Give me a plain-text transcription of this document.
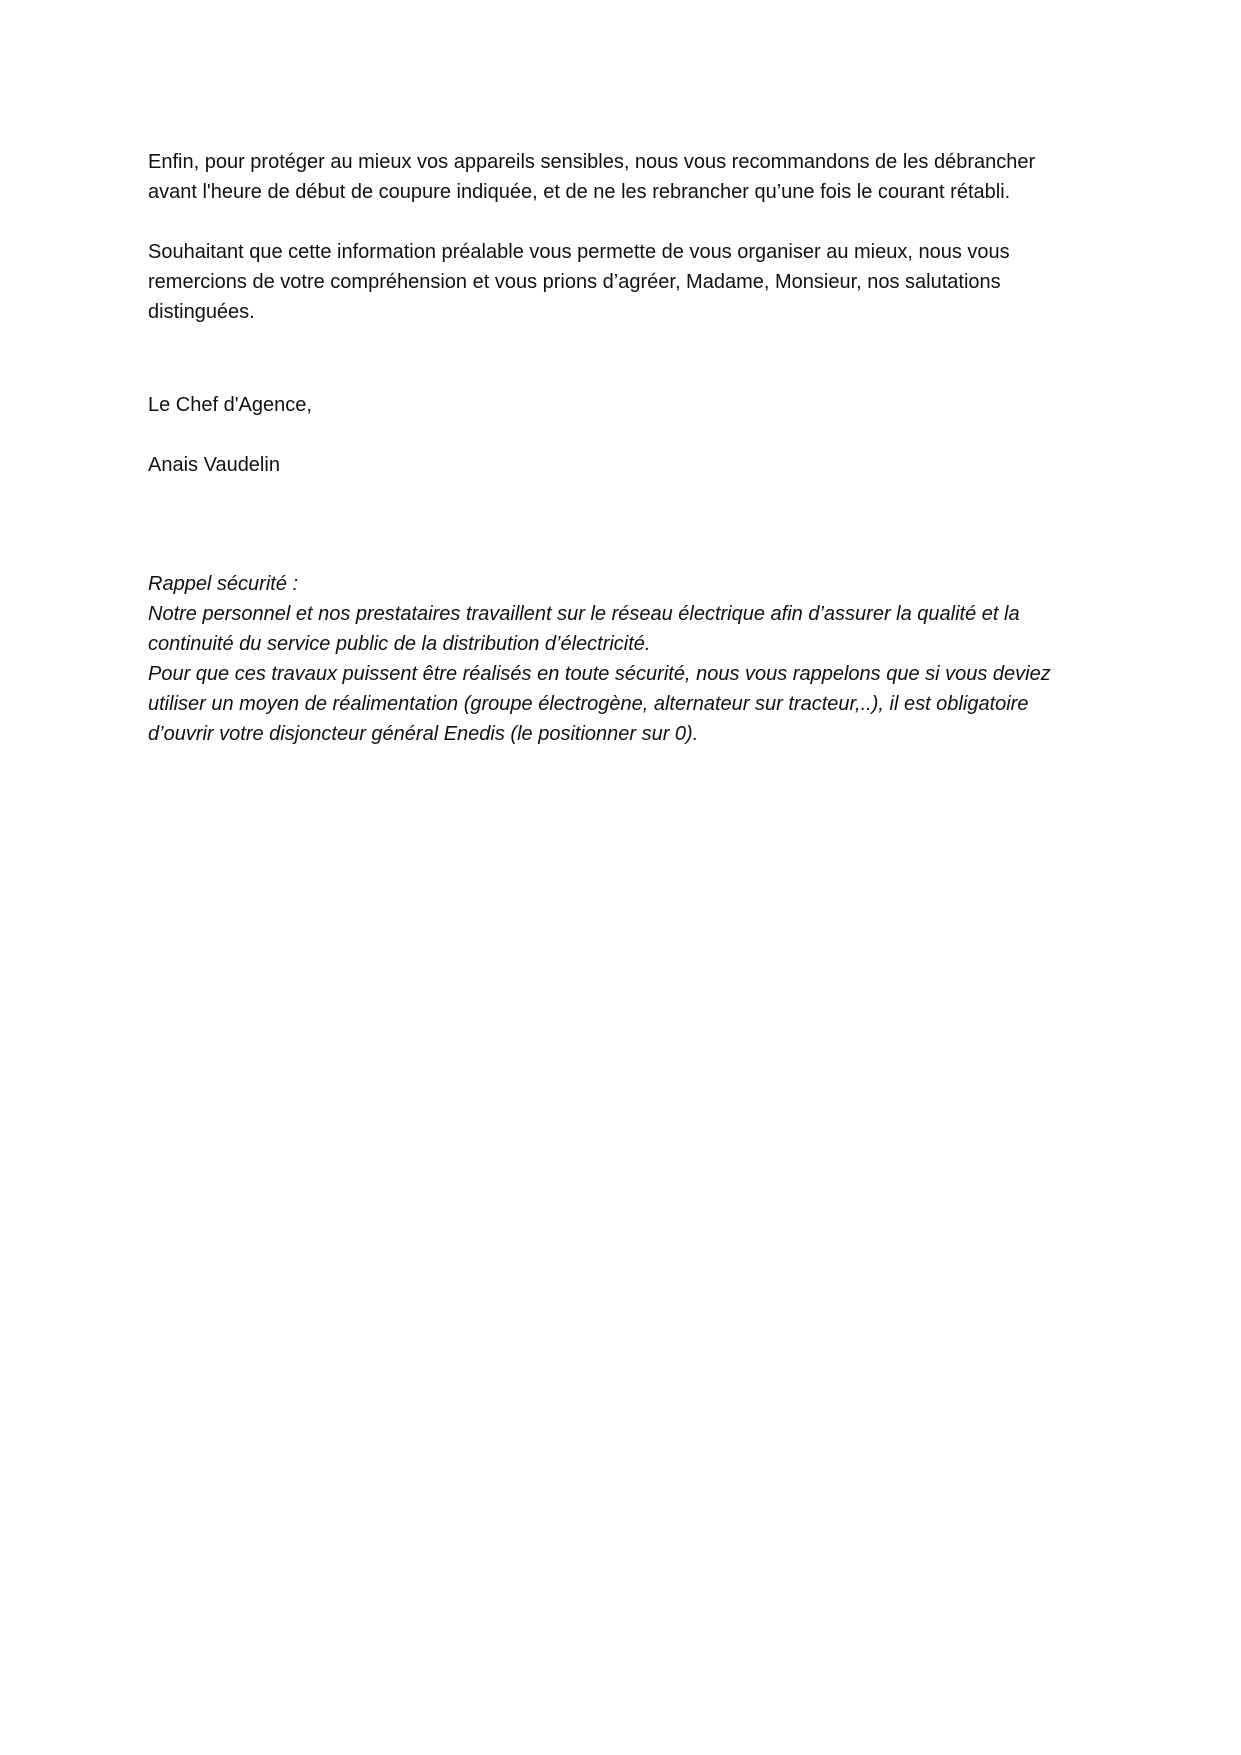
Enfin, pour protéger au mieux vos appareils sensibles, nous vous recommandons de les débrancher
avant l'heure de début de coupure indiquée, et de ne les rebrancher qu’une fois le courant rétabli.
Souhaitant que cette information préalable vous permette de vous organiser au mieux, nous vous
remercions de votre compréhension et vous prions d’agréer, Madame, Monsieur, nos salutations
distinguées.
Le Chef d'Agence,
Anais Vaudelin
Rappel sécurité :
Notre personnel et nos prestataires travaillent sur le réseau électrique afin d’assurer la qualité et la
continuité du service public de la distribution d’électricité.
Pour que ces travaux puissent être réalisés en toute sécurité, nous vous rappelons que si vous deviez
utiliser un moyen de réalimentation (groupe électrogène, alternateur sur tracteur,..), il est obligatoire
d’ouvrir votre disjoncteur général Enedis (le positionner sur 0).
